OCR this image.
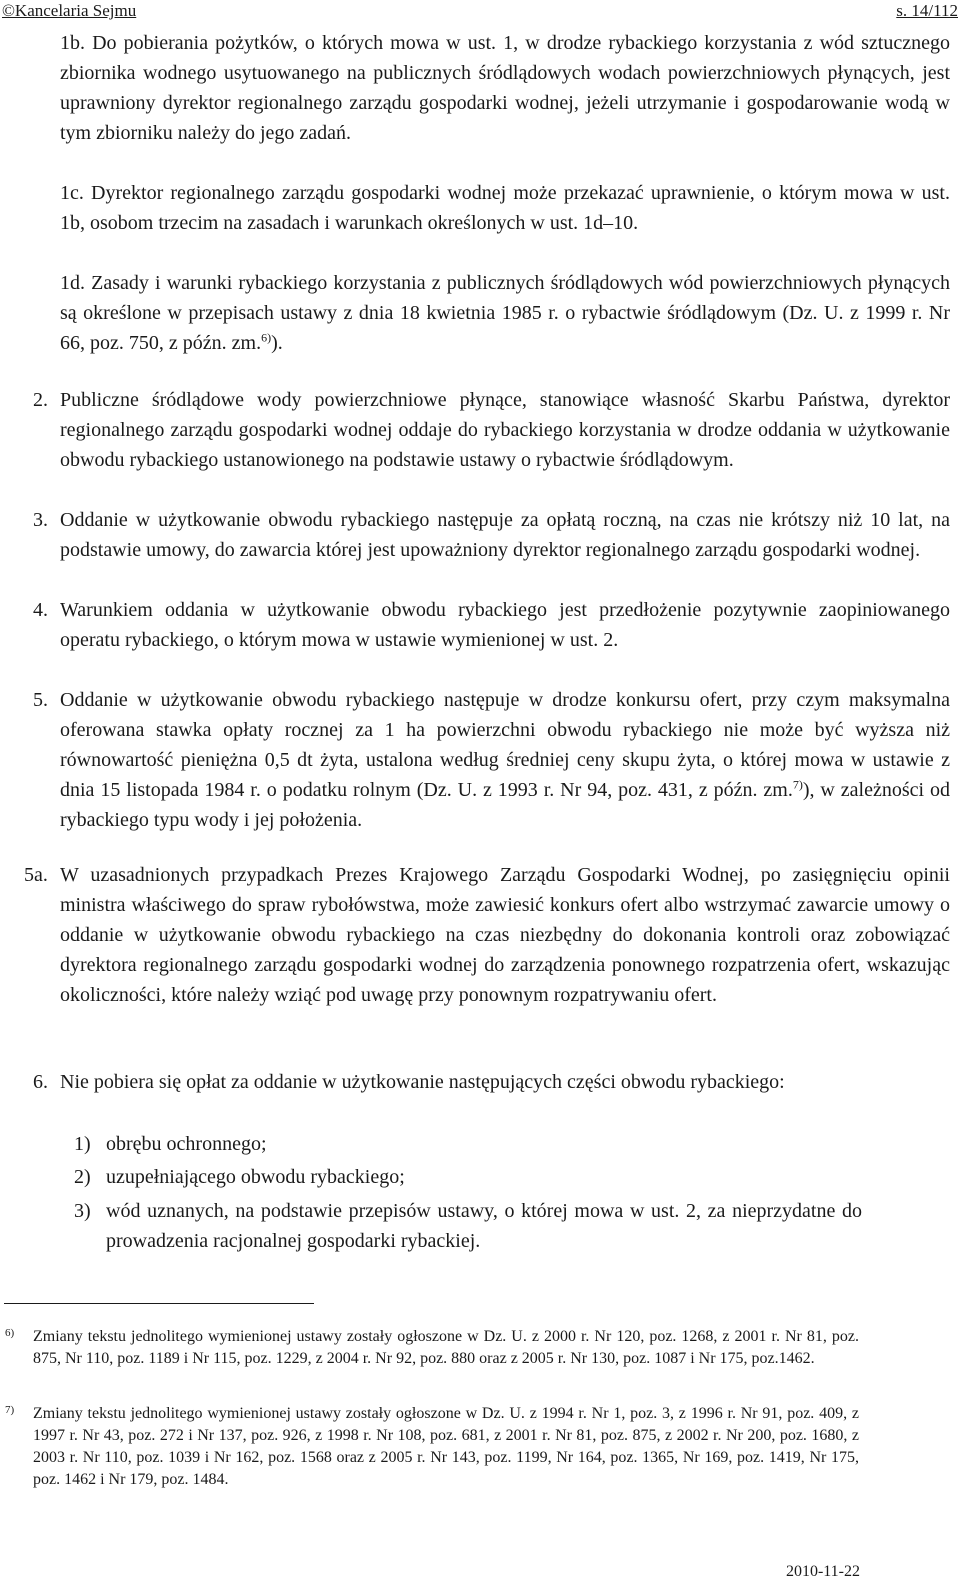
©Kancelaria Sejmu	s. 14/112

1b. Do pobierania pożytków, o których mowa w ust. 1, w drodze rybackiego korzystania z wód sztucznego zbiornika wodnego usytuowanego na publicznych śródlądowych wodach powierzchniowych płynących, jest uprawniony dyrektor regionalnego zarządu gospodarki wodnej, jeżeli utrzymanie i gospodarowanie wodą w tym zbiorniku należy do jego zadań.

1c. Dyrektor regionalnego zarządu gospodarki wodnej może przekazać uprawnienie, o którym mowa w ust. 1b, osobom trzecim na zasadach i warunkach określonych w ust. 1d–10.

1d. Zasady i warunki rybackiego korzystania z publicznych śródlądowych wód powierzchniowych płynących są określone w przepisach ustawy z dnia 18 kwietnia 1985 r. o rybactwie śródlądowym (Dz. U. z 1999 r. Nr 66, poz. 750, z późn. zm.$^{6)}$).

2. Publiczne śródlądowe wody powierzchniowe płynące, stanowiące własność Skarbu Państwa, dyrektor regionalnego zarządu gospodarki wodnej oddaje do rybackiego korzystania w drodze oddania w użytkowanie obwodu rybackiego ustanowionego na podstawie ustawy o rybactwie śródlądowym.
3. Oddanie w użytkowanie obwodu rybackiego następuje za opłatą roczną, na czas nie krótszy niż 10 lat, na podstawie umowy, do zawarcia której jest upoważniony dyrektor regionalnego zarządu gospodarki wodnej.
4. Warunkiem oddania w użytkowanie obwodu rybackiego jest przedłożenie pozytywnie zaopiniowanego operatu rybackiego, o którym mowa w ustawie wymienionej w ust. 2.
5. Oddanie w użytkowanie obwodu rybackiego następuje w drodze konkursu ofert, przy czym maksymalna oferowana stawka opłaty rocznej za 1 ha powierzchni obwodu rybackiego nie może być wyższa niż równowartość pieniężna 0,5 dt żyta, ustalona według średniej ceny skupu żyta, o której mowa w ustawie z dnia 15 listopada 1984 r. o podatku rolnym (Dz. U. z 1993 r. Nr 94, poz. 431, z późn. zm.$^{7)}$), w zależności od rybackiego typu wody i jej położenia.
5a. W uzasadnionych przypadkach Prezes Krajowego Zarządu Gospodarki Wodnej, po zasięgnięciu opinii ministra właściwego do spraw rybołówstwa, może zawiesić konkurs ofert albo wstrzymać zawarcie umowy o oddanie w użytkowanie obwodu rybackiego na czas niezbędny do dokonania kontroli oraz zobowiązać dyrektora regionalnego zarządu gospodarki wodnej do zarządzenia ponownego rozpatrzenia ofert, wskazując okoliczności, które należy wziąć pod uwagę przy ponownym rozpatrywaniu ofert.
6. Nie pobiera się opłat za oddanie w użytkowanie następujących części obwodu rybackiego:
1) obrębu ochronnego;
2) uzupełniającego obwodu rybackiego;
3) wód uznanych, na podstawie przepisów ustawy, o której mowa w ust. 2, za nieprzydatne do prowadzenia racjonalnej gospodarki rybackiej.
6) Zmiany tekstu jednolitego wymienionej ustawy zostały ogłoszone w Dz. U. z 2000 r. Nr 120, poz. 1268, z 2001 r. Nr 81, poz. 875, Nr 110, poz. 1189 i Nr 115, poz. 1229, z 2004 r. Nr 92, poz. 880 oraz z 2005 r. Nr 130, poz. 1087 i Nr 175, poz.1462.
7) Zmiany tekstu jednolitego wymienionej ustawy zostały ogłoszone w Dz. U. z 1994 r. Nr 1, poz. 3, z 1996 r. Nr 91, poz. 409, z 1997 r. Nr 43, poz. 272 i Nr 137, poz. 926, z 1998 r. Nr 108, poz. 681, z 2001 r. Nr 81, poz. 875, z 2002 r. Nr 200, poz. 1680, z 2003 r. Nr 110, poz. 1039 i Nr 162, poz. 1568 oraz z 2005 r. Nr 143, poz. 1199, Nr 164, poz. 1365, Nr 169, poz. 1419, Nr 175, poz. 1462 i Nr 179, poz. 1484.
2010-11-22
